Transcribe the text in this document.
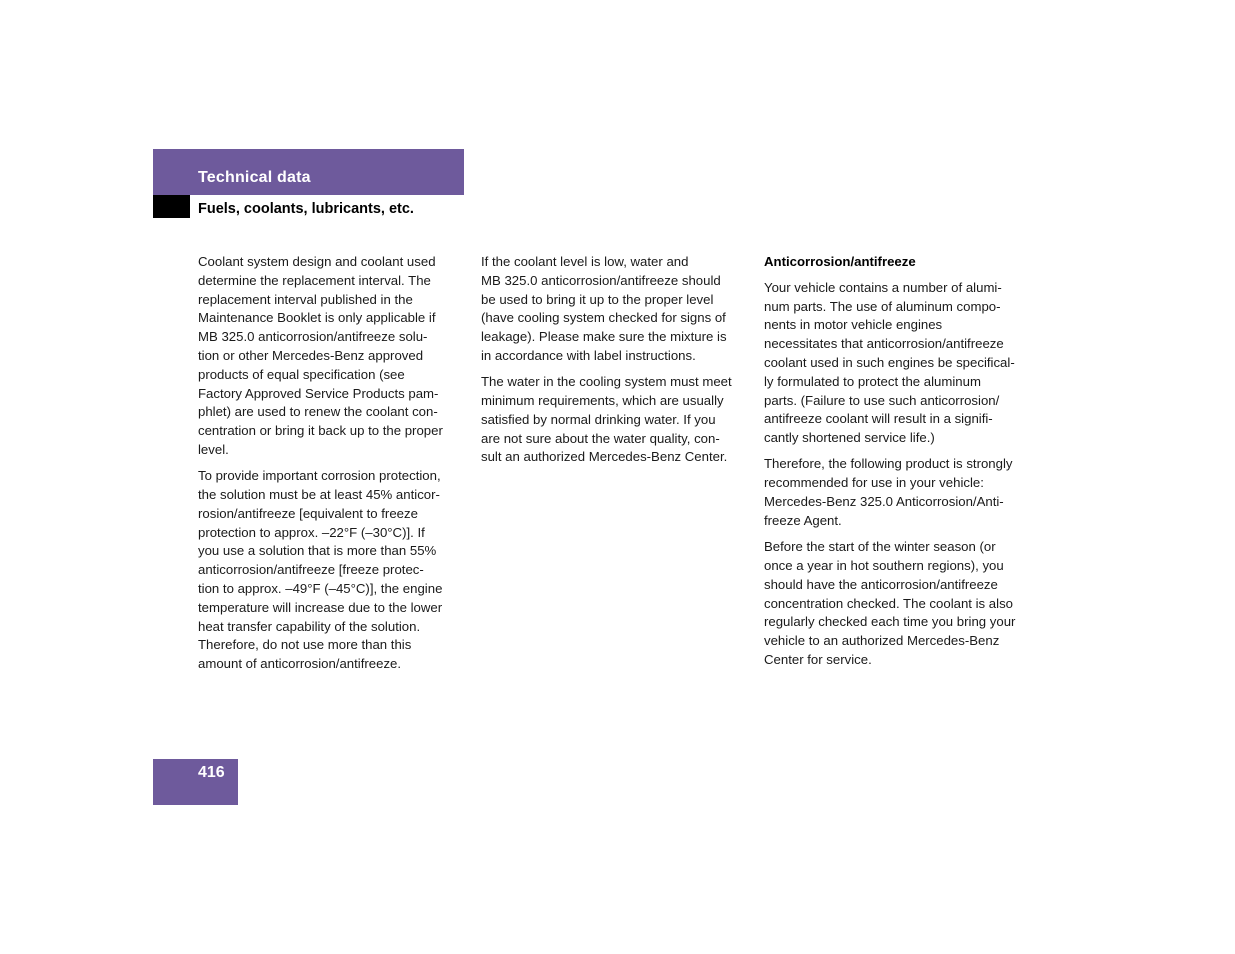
Technical data
Fuels, coolants, lubricants, etc.

Coolant system design and coolant used
determine the replacement interval. The
replacement interval published in the
Maintenance Booklet is only applicable if
MB 325.0 anticorrosion/antifreeze solu-
tion or other Mercedes-Benz approved
products of equal specification (see
Factory Approved Service Products pam-
phlet) are used to renew the coolant con-
centration or bring it back up to the proper
level.

To provide important corrosion protection,
the solution must be at least 45% anticor-
rosion/antifreeze [equivalent to freeze
protection to approx. –22°F (–30°C)]. If
you use a solution that is more than 55%
anticorrosion/antifreeze [freeze protec-
tion to approx. –49°F (–45°C)], the engine
temperature will increase due to the lower
heat transfer capability of the solution.
Therefore, do not use more than this
amount of anticorrosion/antifreeze.

If the coolant level is low, water and
MB 325.0 anticorrosion/antifreeze should
be used to bring it up to the proper level
(have cooling system checked for signs of
leakage). Please make sure the mixture is
in accordance with label instructions.

The water in the cooling system must meet
minimum requirements, which are usually
satisfied by normal drinking water. If you
are not sure about the water quality, con-
sult an authorized Mercedes-Benz Center.

Anticorrosion/antifreeze

Your vehicle contains a number of alumi-
num parts. The use of aluminum compo-
nents in motor vehicle engines
necessitates that anticorrosion/antifreeze
coolant used in such engines be specifical-
ly formulated to protect the aluminum
parts. (Failure to use such anticorrosion/
antifreeze coolant will result in a signifi-
cantly shortened service life.)

Therefore, the following product is strongly
recommended for use in your vehicle:
Mercedes-Benz 325.0 Anticorrosion/Anti-
freeze Agent.

Before the start of the winter season (or
once a year in hot southern regions), you
should have the anticorrosion/antifreeze
concentration checked. The coolant is also
regularly checked each time you bring your
vehicle to an authorized Mercedes-Benz
Center for service.

416
